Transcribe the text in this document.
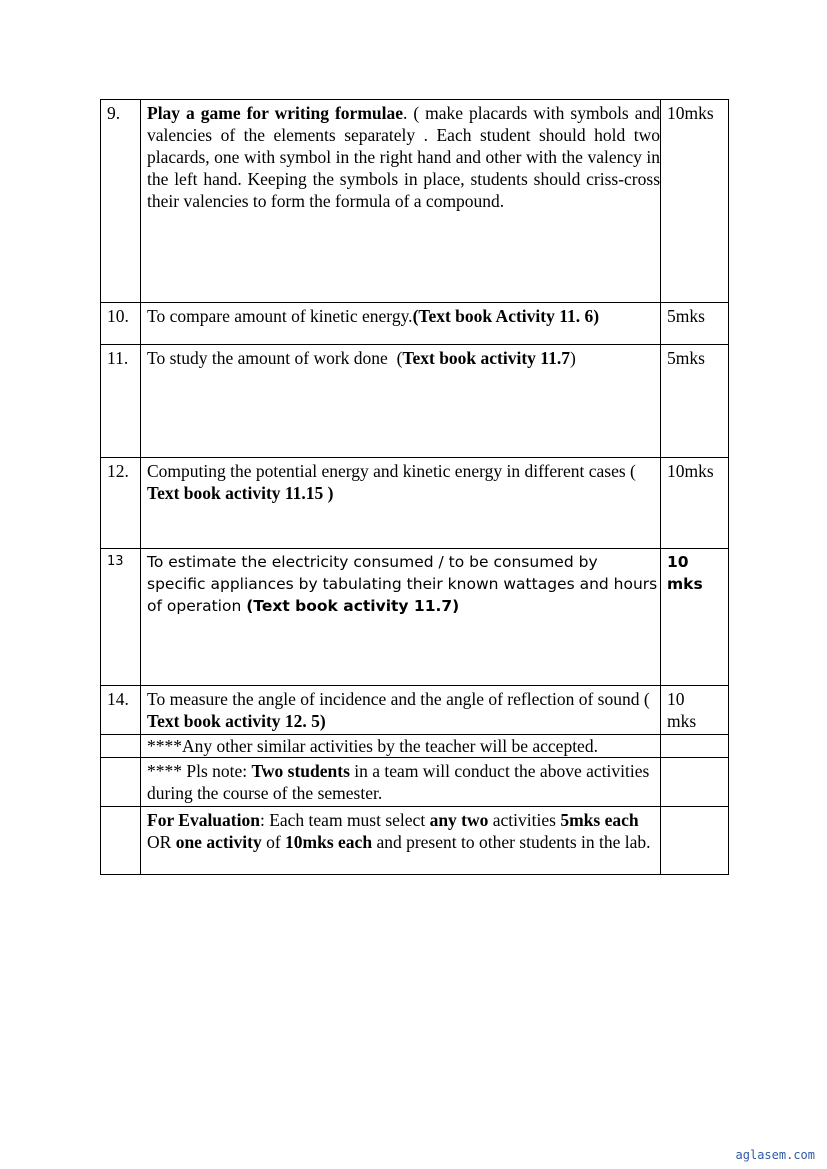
9.	Play a game for writing formulae. ( make placards with symbols and valencies of the elements separately . Each student should hold two placards, one with symbol in the right hand and other with the valency in the left hand. Keeping the symbols in place, students should criss-cross their valencies to form the formula of a compound.	10mks
10.	To compare amount of kinetic energy.(Text book Activity 11. 6)	5mks
11.	To study the amount of work done  (Text book activity 11.7)	5mks
12.	Computing the potential energy and kinetic energy in different cases ( Text book activity 11.15 )	10mks
13	To estimate the electricity consumed / to be consumed by specific appliances by tabulating their known wattages and hours of operation (Text book activity 11.7)	10 mks
14.	To measure the angle of incidence and the angle of reflection of sound ( Text book activity 12. 5)	10 mks
	****Any other similar activities by the teacher will be accepted.	
	**** Pls note: Two students in a team will conduct the above activities during the course of the semester.	
	For Evaluation: Each team must select any two activities 5mks each OR one activity of 10mks each and present to other students in the lab.	
aglasem.com
